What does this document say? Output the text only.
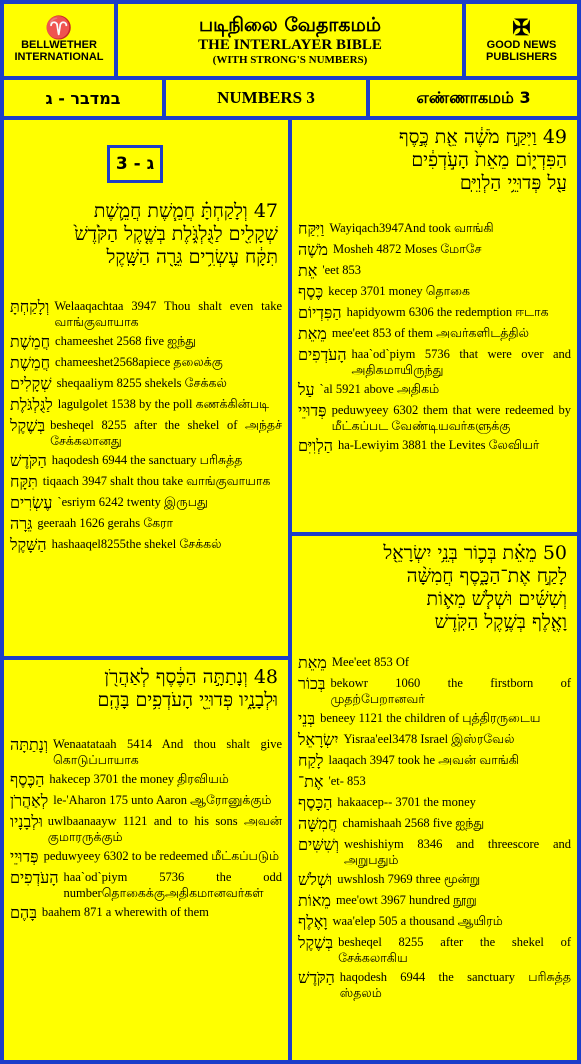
♈
BELLWETHER
INTERNATIONAL
படிநிலை வேதாகமம்
THE INTERLAYER BIBLE
(WITH STRONG'S NUMBERS)
✠
GOOD NEWS
PUBLISHERS
במדבר - ג	NUMBERS 3	எண்ணாகமம் 3
ג - 3
47 וְלָקַחְתָּ֗ חֲמֵ֧שֶׁת חֲמֵ֛שֶׁת
שְׁקָלִ֖ים לַגֻּלְגֹּ֑לֶת בְּשֶׁ֤קֶל הַקֹּ֙דֶשׁ֙
תִּקָּ֔ח עֶשְׂרִ֥ים גֵּרָ֖ה הַשָּֽׁקֶל
וְלָקַחְתָּ Welaaqachtaa 3947 Thou shalt even take வாங்குவாயாக
חֲמֵשֶׁת chameeshet 2568 five ஐந்து
חֲמֵשֶׁת chameeshet2568apiece தலைக்கு
שְׁקָלִים sheqaaliym 8255 shekels சேக்கல்
לַגֻּלְגֹּלֶת lagulgolet 1538 by the poll கணக்கின்படி
בְּשֶׁקֶל besheqel 8255 after the shekel of அந்தச் சேக்கலானது
הַקֹּדֶשׁ haqodesh 6944 the sanctuary பரிசுத்த
תִּקָּח tiqaach 3947 shalt thou take வாங்குவாயாக
עֶשְׂרִים `esriym 6242 twenty இருபது
גֵּרָה geeraah 1626 gerahs கேரா
הַשָּׁקֶל hashaaqel8255the shekel சேக்கல்
48 וְנָתַתָּ֣ה הַכֶּ֔סֶף לְאַהֲרֹ֖ן
וּלְבָנָ֑יו פְּדוּיֵ֖י הָעֹדְפִ֥ים בָּהֶֽם
וְנָתַתָּה Wenaatataah 5414 And thou shalt give கொடுப்பாயாக
הַכֶּסֶף hakecep 3701 the money திரவியம்
לְאַהֲרֹן le-'Aharon 175 unto Aaron ஆரோனுக்கும்
וּלְבָנָיו uwlbaanaayw 1121 and to his sons அவன் குமாரருக்கும்
פְּדוּיֵי peduwyeey 6302 to be redeemed மீட்கப்படும்
הָעֹדְפִים haa`od`piym 5736 the odd numberதொகைக்குஅதிகமானவர்கள்
בָּהֶם baahem 871 a wherewith of them
49 וַיִּקַּ֣ח מֹשֶׁ֔ה אֵ֖ת כֶּ֣סֶף
הַפִּדְי֑וֹם מֵאֵת֙ הָעֹ֣דְפִ֔ים
עַ֖ל פְּדוּיֵ֥י הַלְוִיִּֽם
וַיִּקַּח Wayiqach3947And took வாங்கி
מֹשֶׁה Mosheh 4872 Moses மோசே
אֵת 'eet 853
כֶּסֶף kecep 3701 money தொகை
הַפִּדְיוֹם hapidyowm 6306 the redemption ஈடாக
מֵאֵת mee'eet 853 of them அவர்களிடத்தில்
הָעֹדְפִים haa`od`piym 5736 that were over and அதிகமாயிருந்து
עַל `al 5921 above அதிகம்
פְּדוּיֵי peduwyeey 6302 them that were redeemed by மீட்கப்பட வேண்டியவர்களுக்கு
הַלְוִיִּם ha-Lewiyim 3881 the Levites லேவியர்
50 מֵאֵ֗ת בְּכ֛וֹר בְּנֵ֥י יִשְׂרָאֵ֖ל
לָקַ֣ח אֶת־הַכָּ֑סֶף חֲמִשָּׁ֨ה
וְשִׁשִּׁ֜ים וּשְׁלֹ֧שׁ מֵא֛וֹת
וָאֶ֖לֶף בְּשֶׁ֥קֶל הַקֹּֽדֶשׁ
מֵאֵת Mee'eet 853 Of
בְּכוֹר bekowr 1060 the firstborn of முதற்பேறானவர்
בְּנֵי beneey 1121 the children of புத்திரருடைய
יִשְׂרָאֵל Yisraa'eel3478 Israel இஸ்ரவேல்
לָקַח laaqach 3947 took he அவன் வாங்கி
אֶת־ 'et- 853
הַכָּסֶף hakaacep-- 3701 the money
חֲמִשָּׁה chamishaah 2568 five ஐந்து
וְשִׁשִּׁים weshishiym 8346 and threescore and அறுபதும்
וּשְׁלֹשׁ uwshlosh 7969 three மூன்று
מֵאוֹת mee'owt 3967 hundred நூறு
וָאֶלֶף waa'elep 505 a thousand ஆயிரம்
בְּשֶׁקֶל besheqel 8255 after the shekel of சேக்கலாகிய
הַקֹּדֶשׁ haqodesh 6944 the sanctuary பரிசுத்த ஸ்தலம்
